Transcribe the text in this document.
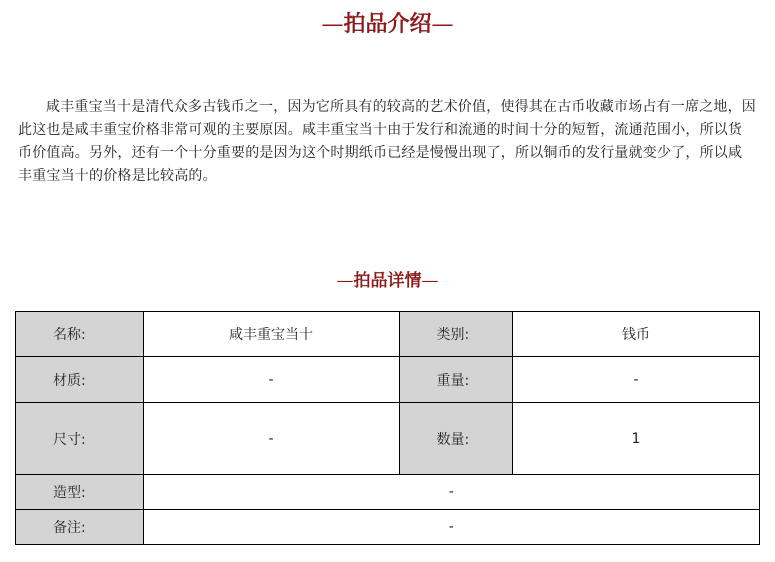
—拍品介绍—

咸丰重宝当十是清代众多古钱币之一，因为它所具有的较高的艺术价值，使得其在古币收藏市场占有一席之地，因此这也是咸丰重宝价格非常可观的主要原因。咸丰重宝当十由于发行和流通的时间十分的短暂，流通范围小，所以货币价值高。另外，还有一个十分重要的是因为这个时期纸币已经是慢慢出现了，所以铜币的发行量就变少了，所以咸丰重宝当十的价格是比较高的。

—拍品详情—
名称:	咸丰重宝当十	类别:	钱币
材质:	-	重量:	-
尺寸:	-	数量:	1
造型:	-		
备注:	-		
